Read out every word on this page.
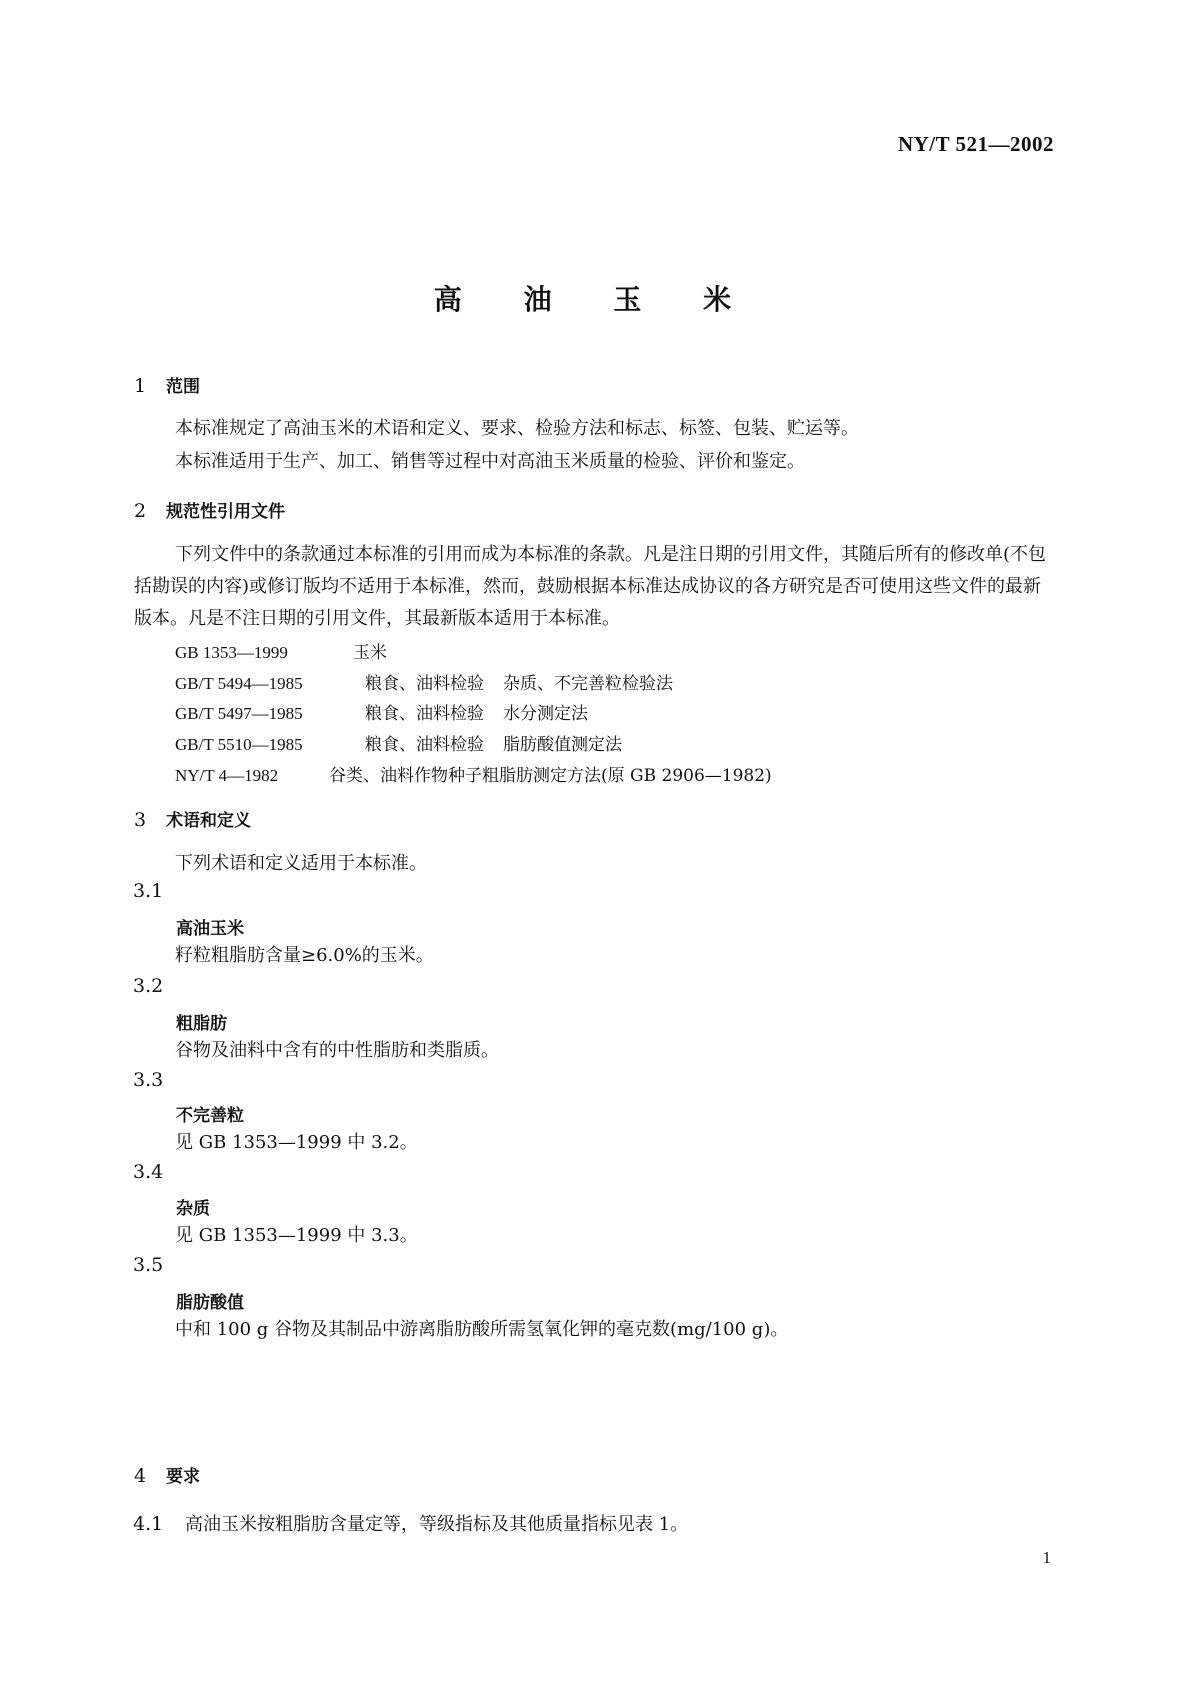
NY/T 521—2002
高 油 玉 米
1 范围
本标准规定了高油玉米的术语和定义、要求、检验方法和标志、标签、包装、贮运等。
本标准适用于生产、加工、销售等过程中对高油玉米质量的检验、评价和鉴定。
2 规范性引用文件
下列文件中的条款通过本标准的引用而成为本标准的条款。凡是注日期的引用文件，其随后所有的修改单(不包括勘误的内容)或修订版均不适用于本标准，然而，鼓励根据本标准达成协议的各方研究是否可使用这些文件的最新版本。凡是不注日期的引用文件，其最新版本适用于本标准。
GB 1353—1999	玉米
GB/T 5494—1985	粮食、油料检验 杂质、不完善粒检验法
GB/T 5497—1985	粮食、油料检验 水分测定法
GB/T 5510—1985	粮食、油料检验 脂肪酸值测定法
NY/T 4—1982	谷类、油料作物种子粗脂肪测定方法(原 GB 2906—1982)
3 术语和定义
下列术语和定义适用于本标准。
3.1
高油玉米
籽粒粗脂肪含量≥6.0%的玉米。
3.2
粗脂肪
谷物及油料中含有的中性脂肪和类脂质。
3.3
不完善粒
见 GB 1353—1999 中 3.2。
3.4
杂质
见 GB 1353—1999 中 3.3。
3.5
脂肪酸值
中和 100 g 谷物及其制品中游离脂肪酸所需氢氧化钾的毫克数(mg/100 g)。
4 要求
4.1 高油玉米按粗脂肪含量定等，等级指标及其他质量指标见表 1。
1
